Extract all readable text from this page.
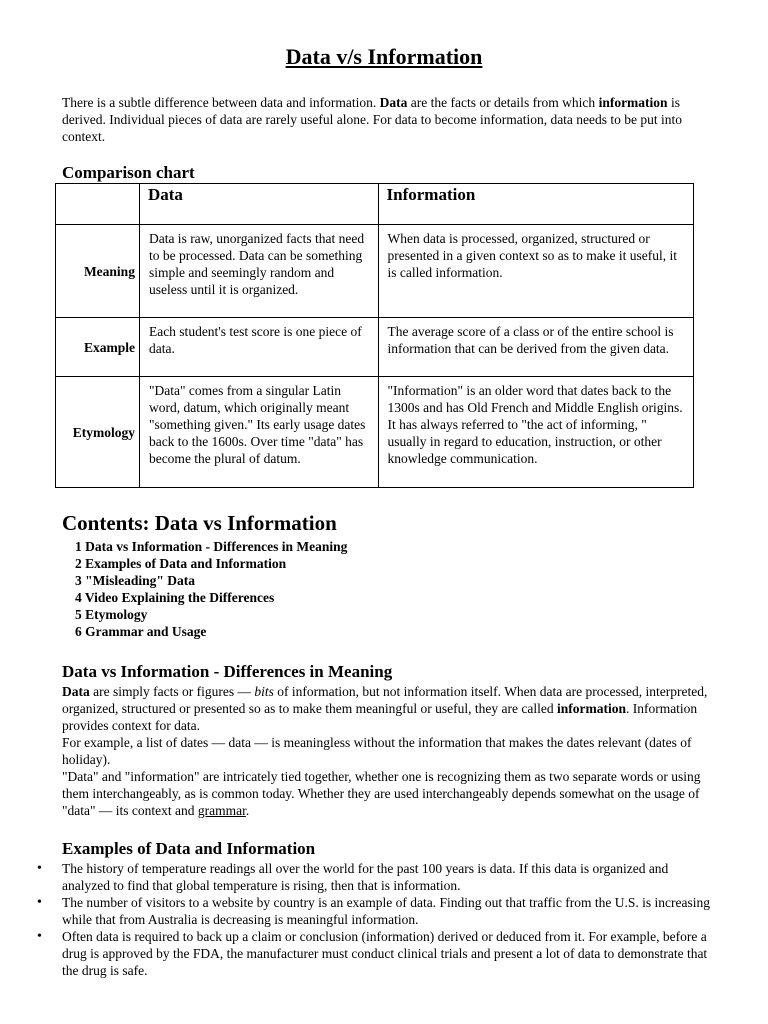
Data v/s Information
There is a subtle difference between data and information. Data are the facts or details from which information is derived. Individual pieces of data are rarely useful alone. For data to become information, data needs to be put into context.
Comparison chart
	Data	Information
Meaning	Data is raw, unorganized facts that need to be processed. Data can be something simple and seemingly random and useless until it is organized.	When data is processed, organized, structured or presented in a given context so as to make it useful, it is called information.
Example	Each student's test score is one piece of data.	The average score of a class or of the entire school is information that can be derived from the given data.
Etymology	"Data" comes from a singular Latin word, datum, which originally meant "something given." Its early usage dates back to the 1600s. Over time "data" has become the plural of datum.	"Information" is an older word that dates back to the 1300s and has Old French and Middle English origins. It has always referred to "the act of informing, " usually in regard to education, instruction, or other knowledge communication.
Contents: Data vs Information
1 Data vs Information - Differences in Meaning
2 Examples of Data and Information
3 "Misleading" Data
4 Video Explaining the Differences
5 Etymology
6 Grammar and Usage
Data vs Information - Differences in Meaning

Data are simply facts or figures — bits of information, but not information itself. When data are processed, interpreted, organized, structured or presented so as to make them meaningful or useful, they are called information. Information provides context for data.

For example, a list of dates — data — is meaningless without the information that makes the dates relevant (dates of holiday).

"Data" and "information" are intricately tied together, whether one is recognizing them as two separate words or using them interchangeably, as is common today. Whether they are used interchangeably depends somewhat on the usage of "data" — its context and grammar.

Examples of Data and Information
• The history of temperature readings all over the world for the past 100 years is data. If this data is organized and analyzed to find that global temperature is rising, then that is information.
• The number of visitors to a website by country is an example of data. Finding out that traffic from the U.S. is increasing while that from Australia is decreasing is meaningful information.
• Often data is required to back up a claim or conclusion (information) derived or deduced from it. For example, before a drug is approved by the FDA, the manufacturer must conduct clinical trials and present a lot of data to demonstrate that the drug is safe.
